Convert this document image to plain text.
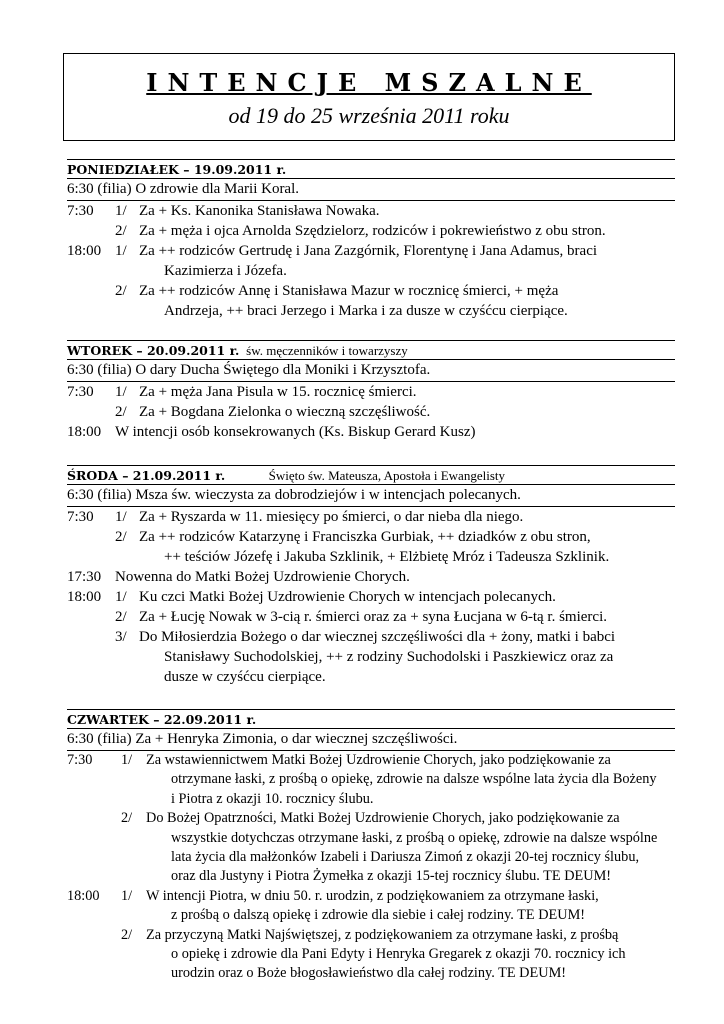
INTENCJE MSZALNE
od 19 do 25 września 2011 roku
PONIEDZIAŁEK – 19.09.2011 r.
6:30 (filia) O zdrowie dla Marii Koral.
7:30	1/ Za + Ks. Kanonika Stanisława Nowaka.
2/ Za + męża i ojca Arnolda Szędzielorz, rodziców i pokrewieństwo z obu stron.
18:00 1/ Za ++ rodziców Gertrudę i Jana Zazgórnik, Florentynę i Jana Adamus, braci
Kazimierza i Józefa.
2/ Za ++ rodziców Annę i Stanisława Mazur w rocznicę śmierci, + męża
Andrzeja, ++ braci Jerzego i Marka i za dusze w czyśćcu cierpiące.
WTOREK – 20.09.2011 r. św. męczenników i towarzyszy
6:30 (filia) O dary Ducha Świętego dla Moniki i Krzysztofa.
7:30	1/ Za + męża Jana Pisula w 15. rocznicę śmierci.
2/ Za + Bogdana Zielonka o wieczną szczęśliwość.
18:00 W intencji osób konsekrowanych (Ks. Biskup Gerard Kusz)
ŚRODA – 21.09.2011 r.	Święto św. Mateusza, Apostoła i Ewangelisty
6:30 (filia) Msza św. wieczysta za dobrodziejów i w intencjach polecanych.
7:30	1/ Za + Ryszarda w 11. miesięcy po śmierci, o dar nieba dla niego.
2/ Za ++ rodziców Katarzynę i Franciszka Gurbiak, ++ dziadków z obu stron,
++ teściów Józefę i Jakuba Szklinik, + Elżbietę Mróz i Tadeusza Szklinik.
17:30 Nowenna do Matki Bożej Uzdrowienie Chorych.
18:00 1/ Ku czci Matki Bożej Uzdrowienie Chorych w intencjach polecanych.
2/ Za + Łucję Nowak w 3-cią r. śmierci oraz za + syna Łucjana w 6-tą r. śmierci.
3/ Do Miłosierdzia Bożego o dar wiecznej szczęśliwości dla + żony, matki i babci
Stanisławy Suchodolskiej, ++ z rodziny Suchodolski i Paszkiewicz oraz za
dusze w czyśćcu cierpiące.
CZWARTEK – 22.09.2011 r.
6:30 (filia) Za + Henryka Zimonia, o dar wiecznej szczęśliwości.
7:30	1/ Za wstawiennictwem Matki Bożej Uzdrowienie Chorych, jako podziękowanie za
otrzymane łaski, z prośbą o opiekę, zdrowie na dalsze wspólne lata życia dla Bożeny
i Piotra z okazji 10. rocznicy ślubu.
2/ Do Bożej Opatrzności, Matki Bożej Uzdrowienie Chorych, jako podziękowanie za
wszystkie dotychczas otrzymane łaski, z prośbą o opiekę, zdrowie na dalsze wspólne
lata życia dla małżonków Izabeli i Dariusza Zimoń z okazji 20-tej rocznicy ślubu,
oraz dla Justyny i Piotra Żymełka z okazji 15-tej rocznicy ślubu. TE DEUM!
18:00	1/ W intencji Piotra, w dniu 50. r. urodzin, z podziękowaniem za otrzymane łaski,
z prośbą o dalszą opiekę i zdrowie dla siebie i całej rodziny. TE DEUM!
2/ Za przyczyną Matki Najświętszej, z podziękowaniem za otrzymane łaski, z prośbą
o opiekę i zdrowie dla Pani Edyty i Henryka Gregarek z okazji 70. rocznicy ich
urodzin oraz o Boże błogosławieństwo dla całej rodziny. TE DEUM!
